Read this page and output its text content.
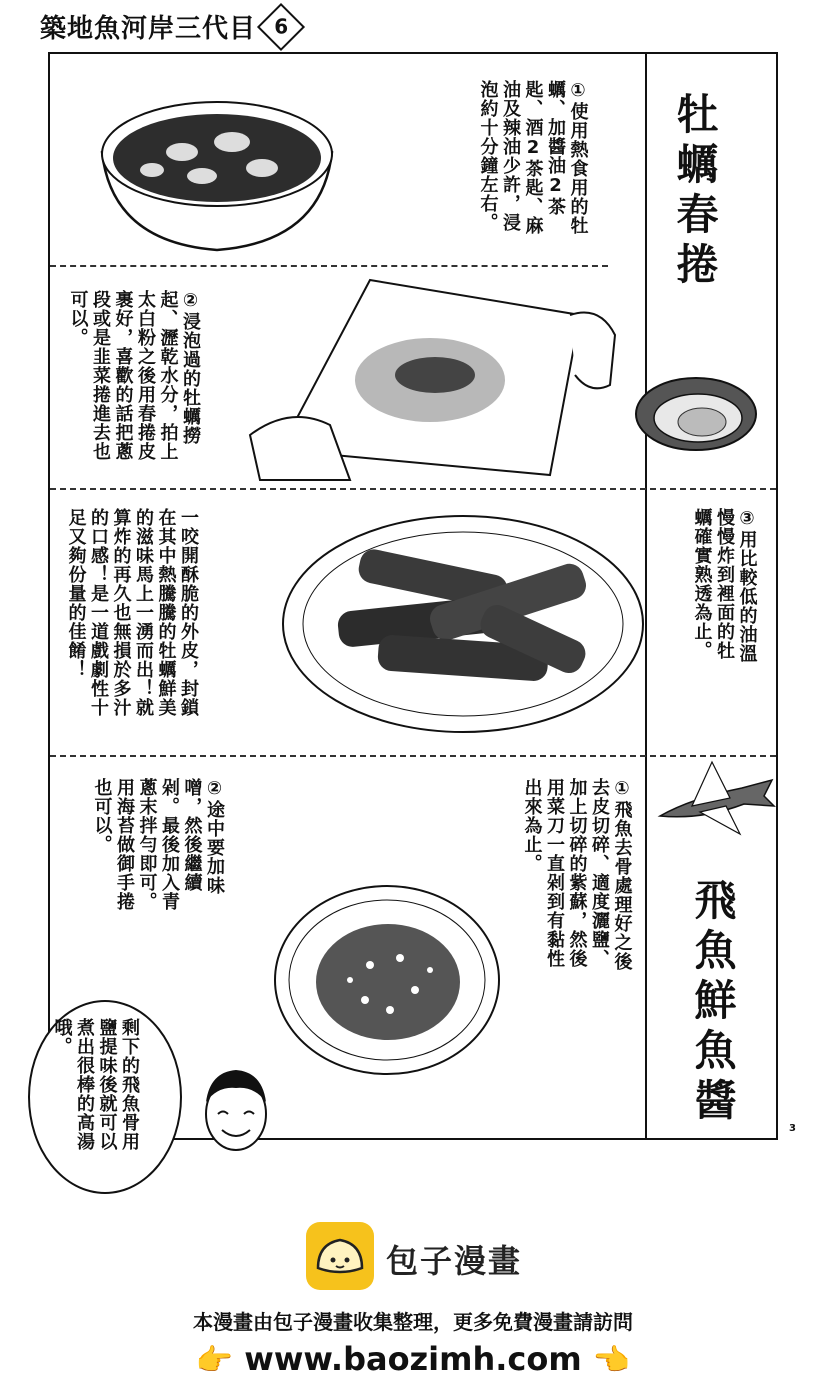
築地魚河岸三代目 6
牡蠣春捲
①使用熱食用的牡蠣、加醬油2茶匙、酒2茶匙、麻油及辣油少許，浸泡約十分鐘左右。
②浸泡過的牡蠣撈起、瀝乾水分，拍上太白粉之後用春捲皮裹好，喜歡的話把蔥段或是韭菜捲進去也可以。
③用比較低的油溫慢慢炸到裡面的牡蠣確實熟透為止。
一咬開酥脆的外皮，封鎖在其中熱騰騰的牡蠣鮮美的滋味馬上一湧而出！就算炸的再久也無損於多汁的口感！是一道戲劇性十足又夠份量的佳餚！
飛魚鮮魚醬
①飛魚去骨處理好之後去皮切碎、適度灑鹽、加上切碎的紫蘇，然後用菜刀一直剁到有黏性出來為止。
②途中要加味噌，然後繼續剁。最後加入青蔥末拌勻即可。用海苔做御手捲也可以。
剩下的飛魚骨用鹽提味後就可以煮出很棒的高湯哦。
3
包子漫畫
本漫畫由包子漫畫收集整理，更多免費漫畫請訪問
👉 www.baozimh.com 👈
